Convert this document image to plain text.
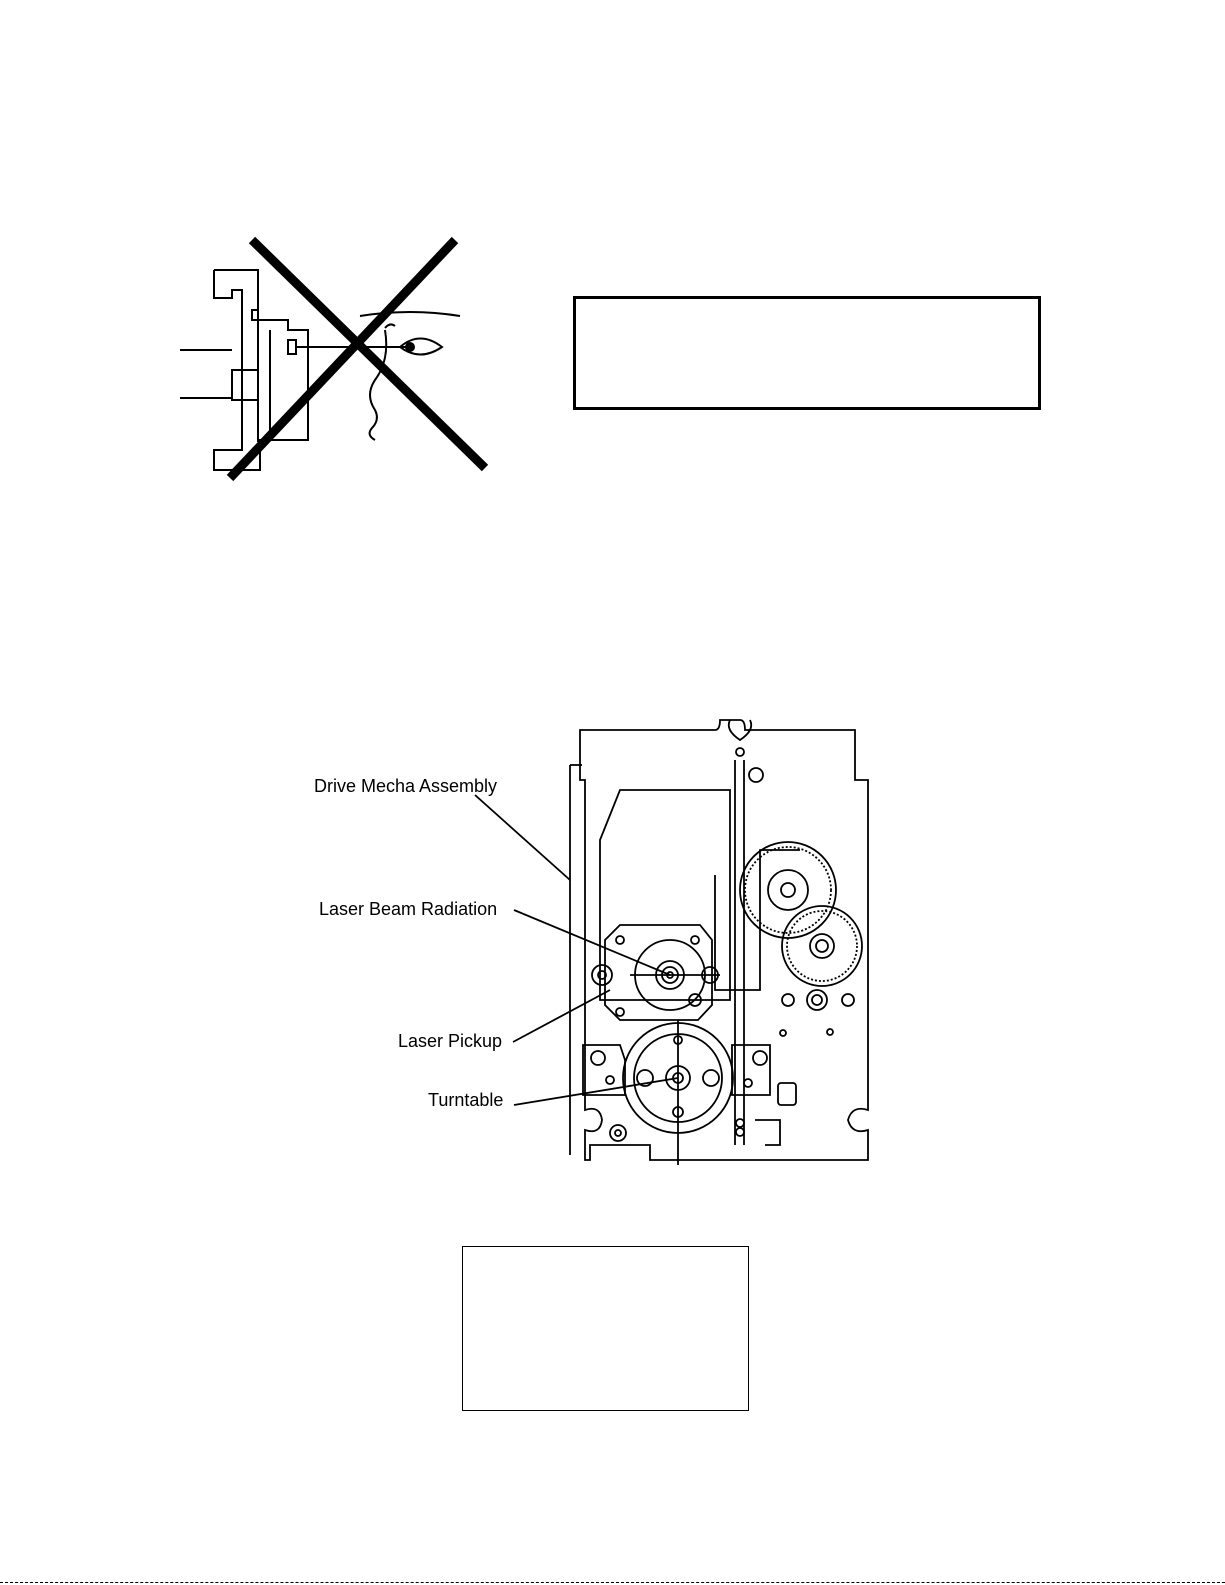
Drive Mecha Assembly
Laser Beam Radiation
Laser Pickup
Turntable
